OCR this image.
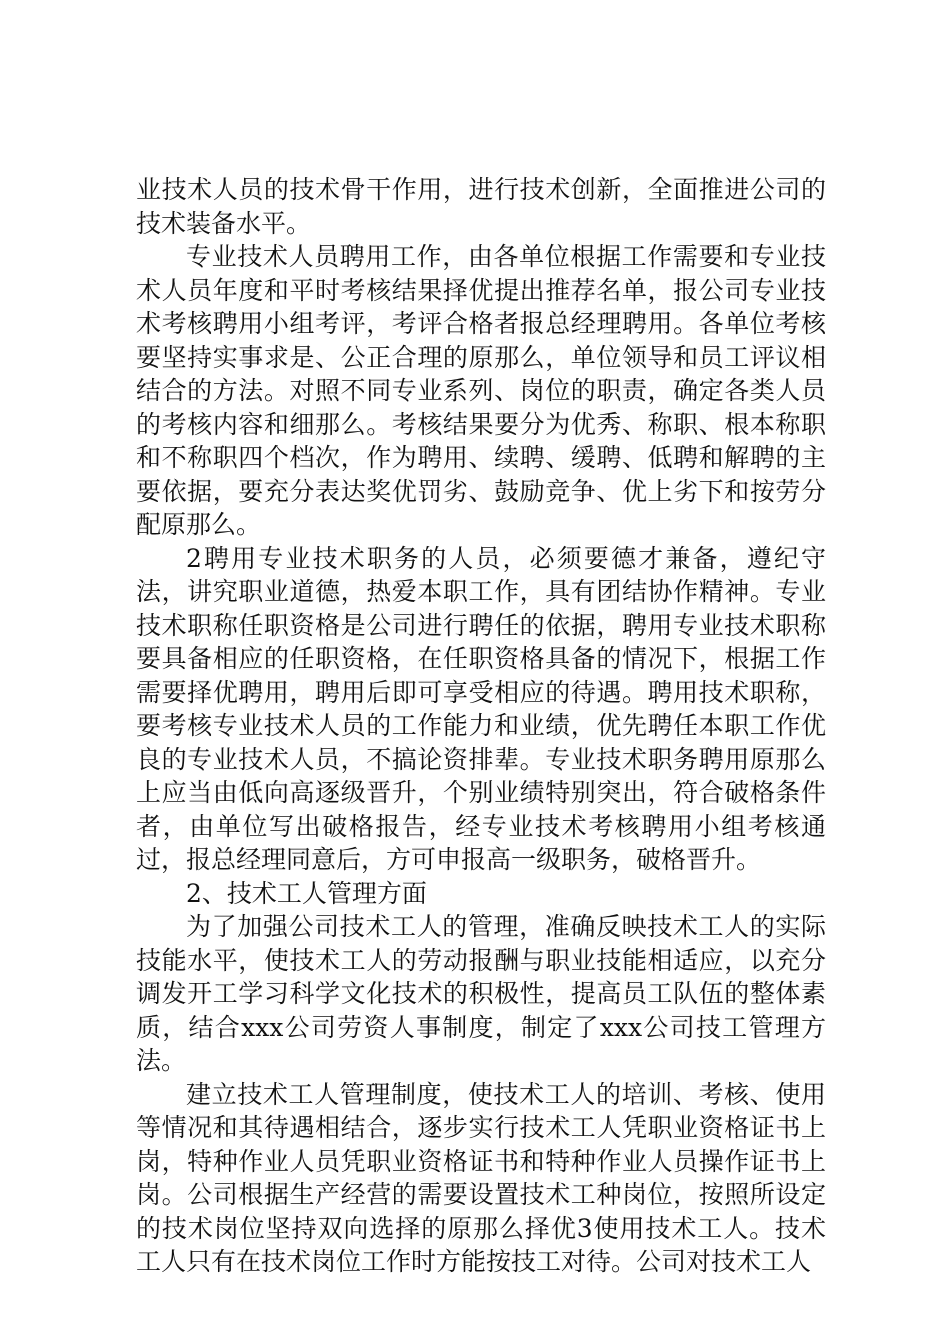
业技术人员的技术骨干作用，进行技术创新，全面推进公司的技术装备水平。

专业技术人员聘用工作，由各单位根据工作需要和专业技术人员年度和平时考核结果择优提出推荐名单，报公司专业技术考核聘用小组考评，考评合格者报总经理聘用。各单位考核要坚持实事求是、公正合理的原那么，单位领导和员工评议相结合的方法。对照不同专业系列、岗位的职责，确定各类人员的考核内容和细那么。考核结果要分为优秀、称职、根本称职和不称职四个档次，作为聘用、续聘、缓聘、低聘和解聘的主要依据，要充分表达奖优罚劣、鼓励竞争、优上劣下和按劳分配原那么。

2聘用专业技术职务的人员，必须要德才兼备，遵纪守法，讲究职业道德，热爱本职工作，具有团结协作精神。专业技术职称任职资格是公司进行聘任的依据，聘用专业技术职称要具备相应的任职资格，在任职资格具备的情况下，根据工作需要择优聘用，聘用后即可享受相应的待遇。聘用技术职称，要考核专业技术人员的工作能力和业绩，优先聘任本职工作优良的专业技术人员，不搞论资排辈。专业技术职务聘用原那么上应当由低向高逐级晋升，个别业绩特别突出，符合破格条件者，由单位写出破格报告，经专业技术考核聘用小组考核通过，报总经理同意后，方可申报高一级职务，破格晋升。

2、技术工人管理方面

为了加强公司技术工人的管理，准确反映技术工人的实际技能水平，使技术工人的劳动报酬与职业技能相适应，以充分调发开工学习科学文化技术的积极性，提高员工队伍的整体素质，结合xxx公司劳资人事制度，制定了xxx公司技工管理方法。

建立技术工人管理制度，使技术工人的培训、考核、使用等情况和其待遇相结合，逐步实行技术工人凭职业资格证书上岗，特种作业人员凭职业资格证书和特种作业人员操作证书上岗。公司根据生产经营的需要设置技术工种岗位，按照所设定的技术岗位坚持双向选择的原那么择优3使用技术工人。技术工人只有在技术岗位工作时方能按技工对待。公司对技术工人
